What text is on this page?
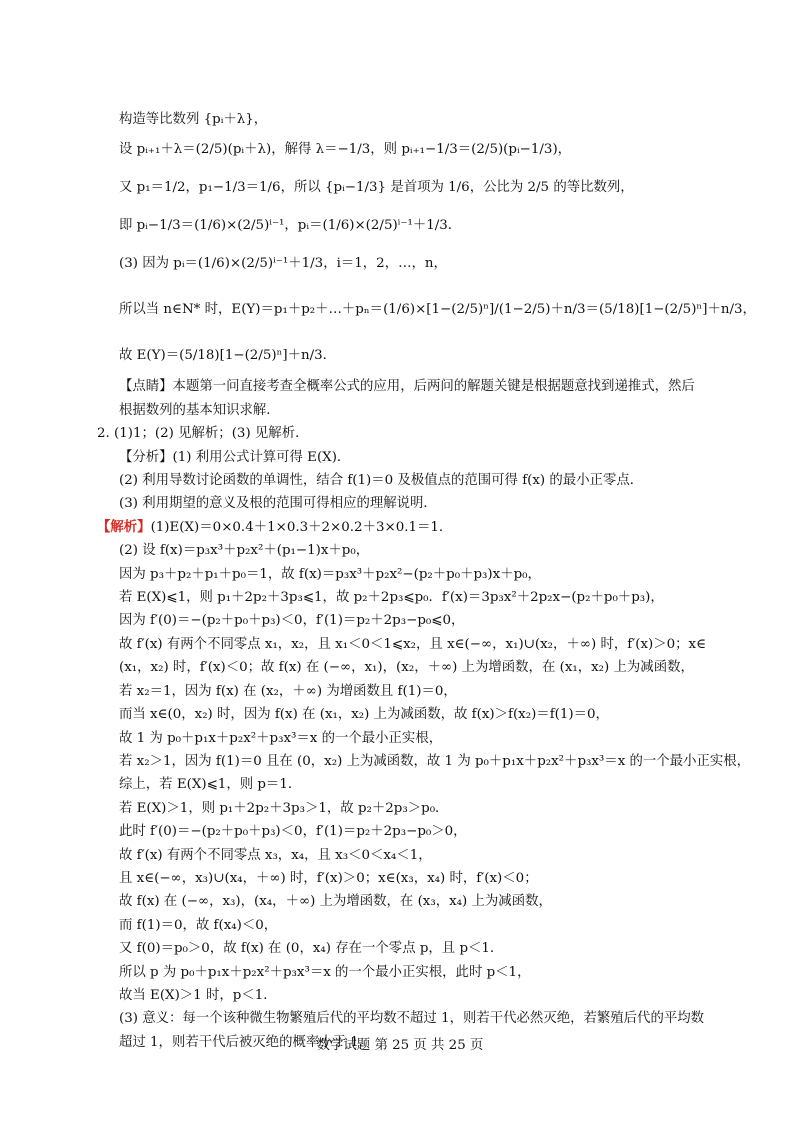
构造等比数列 {pᵢ＋λ}，
设 pᵢ₊₁＋λ＝(2/5)(pᵢ＋λ)，解得 λ＝−1/3，则 pᵢ₊₁−1/3＝(2/5)(pᵢ−1/3)，
又 p₁＝1/2，p₁−1/3＝1/6，所以 {pᵢ−1/3} 是首项为 1/6，公比为 2/5 的等比数列，
即 pᵢ−1/3＝(1/6)×(2/5)ⁱ⁻¹，pᵢ＝(1/6)×(2/5)ⁱ⁻¹＋1/3．
(3) 因为 pᵢ＝(1/6)×(2/5)ⁱ⁻¹＋1/3，i＝1，2，…，n，
所以当 n∈N* 时，E(Y)＝p₁＋p₂＋…＋pₙ＝(1/6)×[1−(2/5)ⁿ]/(1−2/5)＋n/3＝(5/18)[1−(2/5)ⁿ]＋n/3，
故 E(Y)＝(5/18)[1−(2/5)ⁿ]＋n/3．
【点睛】本题第一问直接考查全概率公式的应用，后两问的解题关键是根据题意找到递推式，然后根据数列的基本知识求解．
2. (1)1；(2) 见解析；(3) 见解析．
【分析】(1) 利用公式计算可得 E(X)．
(2) 利用导数讨论函数的单调性，结合 f(1)＝0 及极值点的范围可得 f(x) 的最小正零点．
(3) 利用期望的意义及根的范围可得相应的理解说明．
【解析】(1)E(X)＝0×0.4＋1×0.3＋2×0.2＋3×0.1＝1．
(2) 设 f(x)＝p₃x³＋p₂x²＋(p₁−1)x＋p₀，
因为 p₃＋p₂＋p₁＋p₀＝1，故 f(x)＝p₃x³＋p₂x²−(p₂＋p₀＋p₃)x＋p₀，
若 E(X)⩽1，则 p₁＋2p₂＋3p₃⩽1，故 p₂＋2p₃⩽p₀．f′(x)＝3p₃x²＋2p₂x−(p₂＋p₀＋p₃)，
因为 f′(0)＝−(p₂＋p₀＋p₃)＜0，f′(1)＝p₂＋2p₃−p₀⩽0，
故 f′(x) 有两个不同零点 x₁，x₂，且 x₁＜0＜1⩽x₂，且 x∈(−∞，x₁)∪(x₂，＋∞) 时，f′(x)＞0；x∈
(x₁，x₂) 时，f′(x)＜0；故 f(x) 在 (−∞，x₁)，(x₂，＋∞) 上为增函数，在 (x₁，x₂) 上为减函数，
若 x₂＝1，因为 f(x) 在 (x₂，＋∞) 为增函数且 f(1)＝0，
而当 x∈(0，x₂) 时，因为 f(x) 在 (x₁，x₂) 上为减函数，故 f(x)＞f(x₂)＝f(1)＝0，
故 1 为 p₀＋p₁x＋p₂x²＋p₃x³＝x 的一个最小正实根，
若 x₂＞1，因为 f(1)＝0 且在 (0，x₂) 上为减函数，故 1 为 p₀＋p₁x＋p₂x²＋p₃x³＝x 的一个最小正实根，
综上，若 E(X)⩽1，则 p＝1．
若 E(X)＞1，则 p₁＋2p₂＋3p₃＞1，故 p₂＋2p₃＞p₀．
此时 f′(0)＝−(p₂＋p₀＋p₃)＜0，f′(1)＝p₂＋2p₃−p₀＞0，
故 f′(x) 有两个不同零点 x₃，x₄，且 x₃＜0＜x₄＜1，
且 x∈(−∞，x₃)∪(x₄，＋∞) 时，f′(x)＞0；x∈(x₃，x₄) 时，f′(x)＜0；
故 f(x) 在 (−∞，x₃)，(x₄，＋∞) 上为增函数，在 (x₃，x₄) 上为减函数，
而 f(1)＝0，故 f(x₄)＜0，
又 f(0)＝p₀＞0，故 f(x) 在 (0，x₄) 存在一个零点 p，且 p＜1．
所以 p 为 p₀＋p₁x＋p₂x²＋p₃x³＝x 的一个最小正实根，此时 p＜1，
故当 E(X)＞1 时，p＜1．
(3) 意义：每一个该种微生物繁殖后代的平均数不超过 1，则若干代必然灭绝，若繁殖后代的平均数超过 1，则若干代后被灭绝的概率小于 1．
数学试题 第 25 页 共 25 页
